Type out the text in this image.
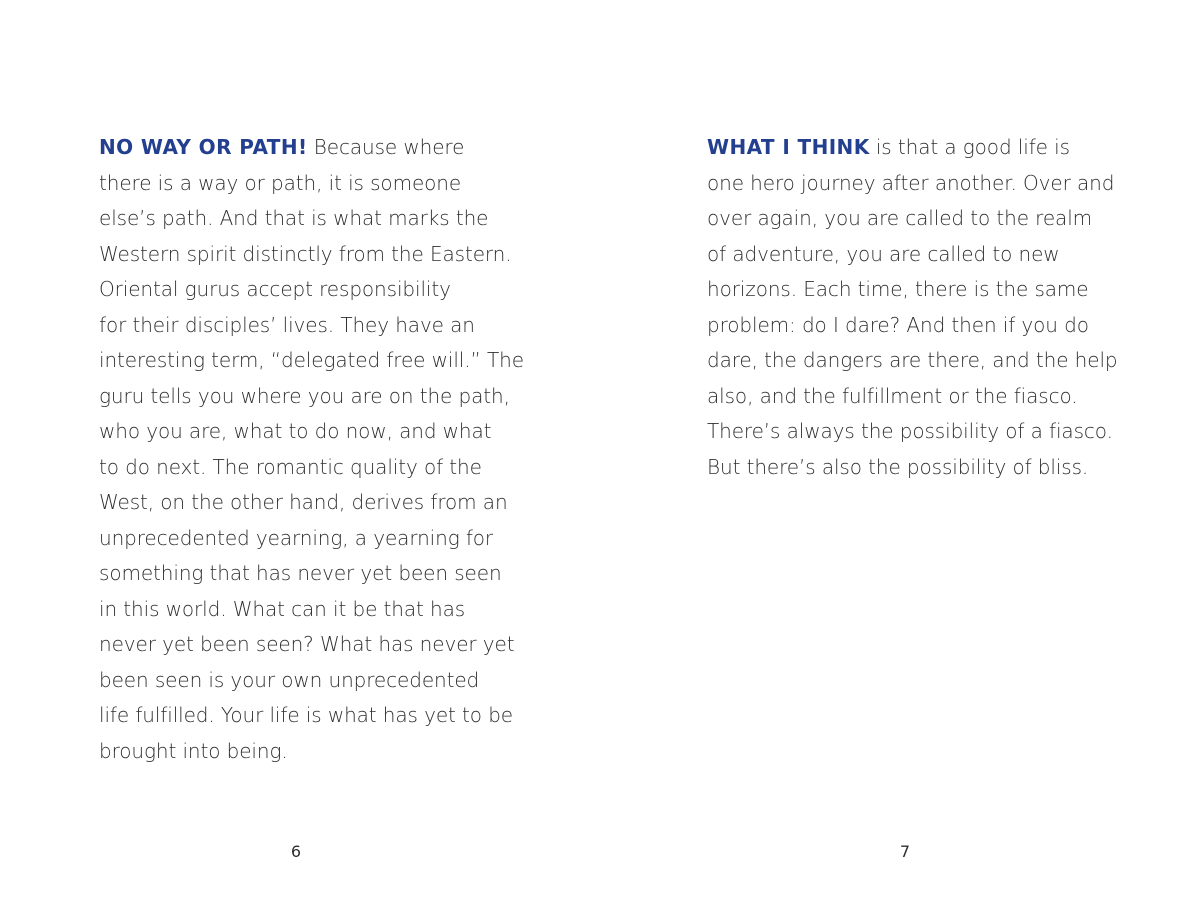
NO WAY OR PATH! Because where
there is a way or path, it is someone
else’s path. And that is what marks the
Western spirit distinctly from the Eastern.
Oriental gurus accept responsibility
for their disciples’ lives. They have an
interesting term, “delegated free will.” The
guru tells you where you are on the path,
who you are, what to do now, and what
to do next. The romantic quality of the
West, on the other hand, derives from an
unprecedented yearning, a yearning for
something that has never yet been seen
in this world. What can it be that has
never yet been seen? What has never yet
been seen is your own unprecedented
life fulfilled. Your life is what has yet to be
brought into being.
6
WHAT I THINK is that a good life is
one hero journey after another. Over and
over again, you are called to the realm
of adventure, you are called to new
horizons. Each time, there is the same
problem: do I dare? And then if you do
dare, the dangers are there, and the help
also, and the fulfillment or the fiasco.
There’s always the possibility of a fiasco.
But there’s also the possibility of bliss.
7
